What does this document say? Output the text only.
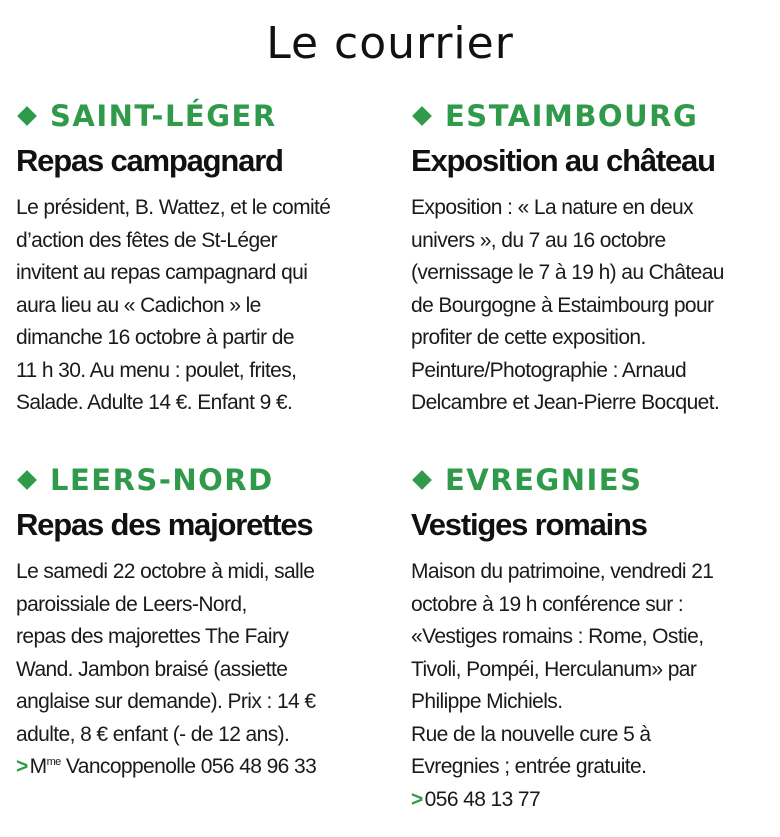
Le courrier
SAINT-LÉGER
Repas campagnard
Le président, B. Wattez, et le comité
d’action des fêtes de St-Léger
invitent au repas campagnard qui
aura lieu au « Cadichon » le
dimanche 16 octobre à partir de
11 h 30. Au menu : poulet, frites,
Salade. Adulte 14 €. Enfant 9 €.
ESTAIMBOURG
Exposition au château
Exposition : « La nature en deux
univers », du 7 au 16 octobre
(vernissage le 7 à 19 h) au Château
de Bourgogne à Estaimbourg pour
profiter de cette exposition.
Peinture/Photographie : Arnaud
Delcambre et Jean-Pierre Bocquet.
LEERS-NORD
Repas des majorettes
Le samedi 22 octobre à midi, salle
paroissiale de Leers-Nord,
repas des majorettes The Fairy
Wand. Jambon braisé (assiette
anglaise sur demande). Prix : 14 €
adulte, 8 € enfant (- de 12 ans).
$>M^{me}$ Vancoppenolle 056 48 96 33
EVREGNIES
Vestiges romains
Maison du patrimoine, vendredi 21
octobre à 19 h conférence sur :
«Vestiges romains : Rome, Ostie,
Tivoli, Pompéi, Herculanum» par
Philippe Michiels.
Rue de la nouvelle cure 5 à
Evregnies ; entrée gratuite.
>056 48 13 77
